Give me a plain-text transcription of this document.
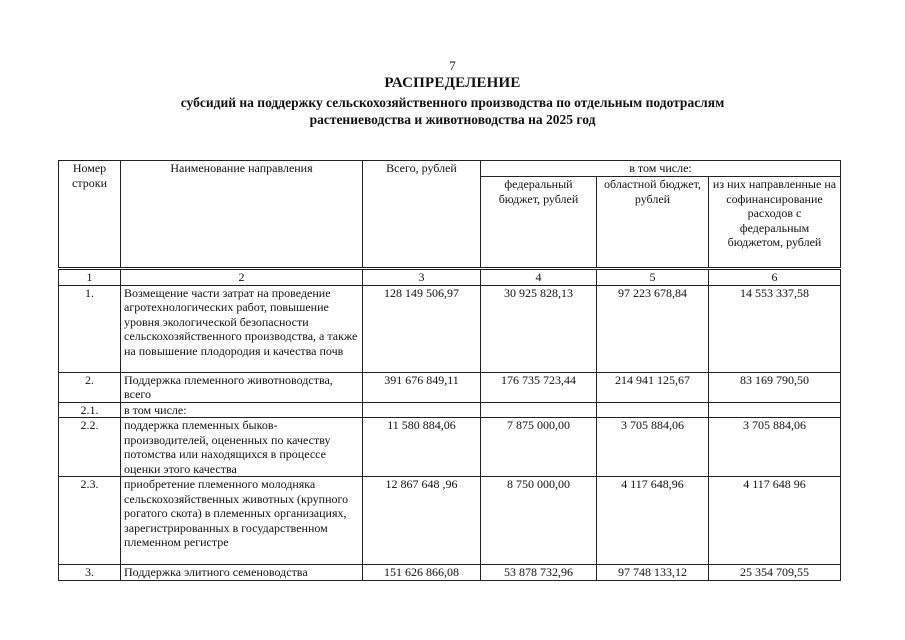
7
РАСПРЕДЕЛЕНИЕ
субсидий на поддержку сельскохозяйственного производства по отдельным подотраслям растениеводства и животноводства на 2025 год
Номер строки	Наименование направления	Всего, рублей	в том числе:		
			федеральный бюджет, рублей	областной бюджет, рублей	из них направленные на софинансирование расходов с федеральным бюджетом, рублей
1	2	3	4	5	6
1.	Возмещение части затрат на проведение агротехнологических работ, повышение уровня экологической безопасности сельскохозяйственного производства, а также на повышение плодородия и качества почв	128 149 506,97	30 925 828,13	97 223 678,84	14 553 337,58
2.	Поддержка племенного животноводства, всего	391 676 849,11	176 735 723,44	214 941 125,67	83 169 790,50
2.1.	в том числе:				
2.2.	поддержка племенных быков-производителей, оцененных по качеству потомства или находящихся в процессе оценки этого качества	11 580 884,06	7 875 000,00	3 705 884,06	3 705 884,06
2.3.	приобретение племенного молодняка сельскохозяйственных животных (крупного рогатого скота) в племенных организациях, зарегистрированных в государственном племенном регистре	12 867 648 ,96	8 750 000,00	4 117 648,96	4 117 648 96
3.	Поддержка элитного семеноводства	151 626 866,08	53 878 732,96	97 748 133,12	25 354 709,55
